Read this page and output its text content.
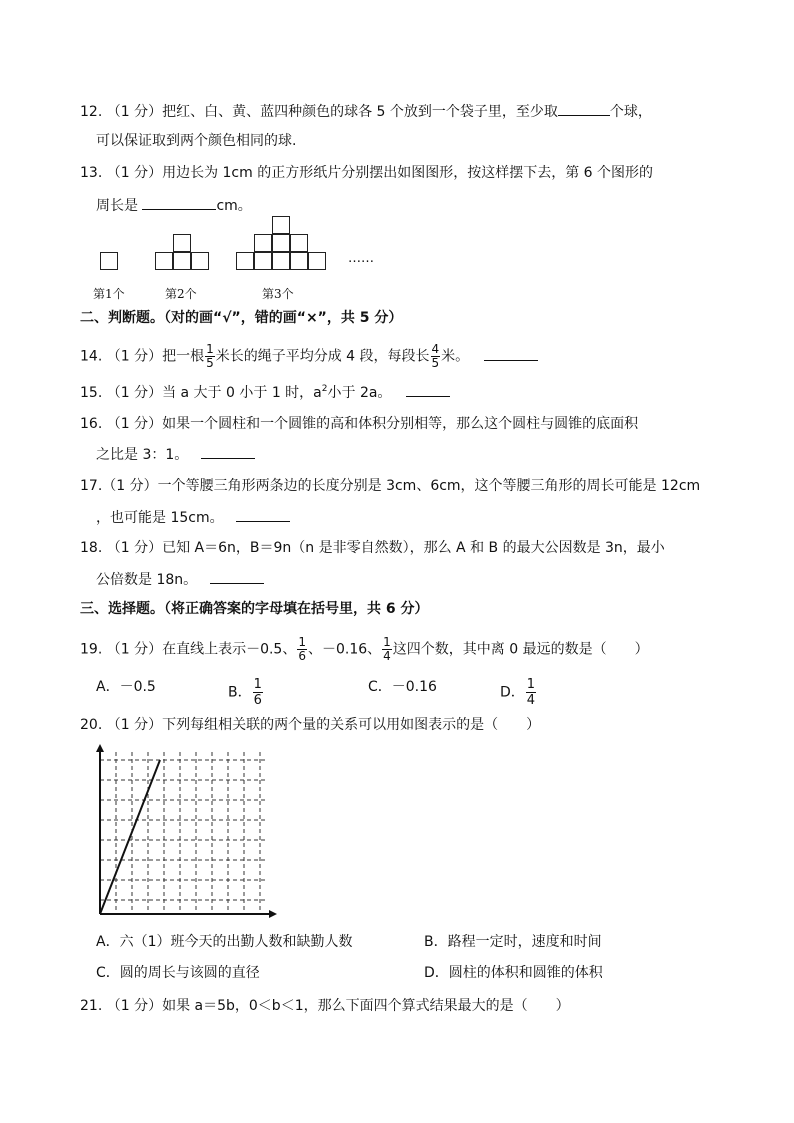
12. （1 分）把红、白、黄、蓝四种颜色的球各 5 个放到一个袋子里，至少取	个球，
可以保证取到两个颜色相同的球.
13. （1 分）用边长为 1cm 的正方形纸片分别摆出如图图形，按这样摆下去，第 6 个图形的
周长是	cm。
……
第1个	第2个	第3个
二、判断题。（对的画“√”，错的画“×”，共 5 分）
14. （1 分）把一根 $\frac{1}{5}$ 米长的绳子平均分成 4 段，每段长 $\frac{4}{5}$ 米。
15. （1 分）当 a 大于 0 小于 1 时，$a^2$小于 2a。
16. （1 分）如果一个圆柱和一个圆锥的高和体积分别相等，那么这个圆柱与圆锥的底面积
之比是 3：1。
17.（1 分）一个等腰三角形两条边的长度分别是 3cm、6cm，这个等腰三角形的周长可能是 12cm
，也可能是 15cm。
18. （1 分）已知 A＝6n，B＝9n（n 是非零自然数），那么 A 和 B 的最大公因数是 3n，最小
公倍数是 18n。
三、选择题。（将正确答案的字母填在括号里，共 6 分）
19. （1 分）在直线上表示－0.5、 $\frac{1}{6}$ 、－0.16、 $\frac{1}{4}$ 这四个数，其中离 0 最远的数是（　　）
A．－0.5	B． $\frac{1}{6}$	C．－0.16	D． $\frac{1}{4}$
20. （1 分）下列每组相关联的两个量的关系可以用如图表示的是（　　）
A．六（1）班今天的出勤人数和缺勤人数	B．路程一定时，速度和时间
C．圆的周长与该圆的直径	D．圆柱的体积和圆锥的体积
21. （1 分）如果 a＝5b，0＜b＜1，那么下面四个算式结果最大的是（　　）
